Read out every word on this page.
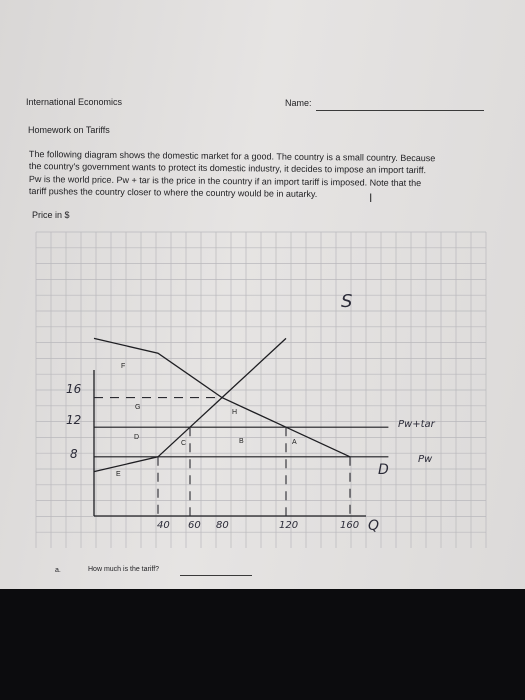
International Economics	Name:
Homework on Tariffs
The following diagram shows the domestic market for a good. The country is a small country. Because
the country's government wants to protect its domestic industry, it decides to impose an import tariff.
Pw is the world price. Pw + tar is the price in the country if an import tariff is imposed. Note that the
tariff pushes the country closer to where the country would be in autarky.	I
Price in $
S
D
Pw+tar
Pw
16
12
8
40 60 80	120	160 Q
F
G
H
D
C	B	A
E
a.	How much is the tariff?
